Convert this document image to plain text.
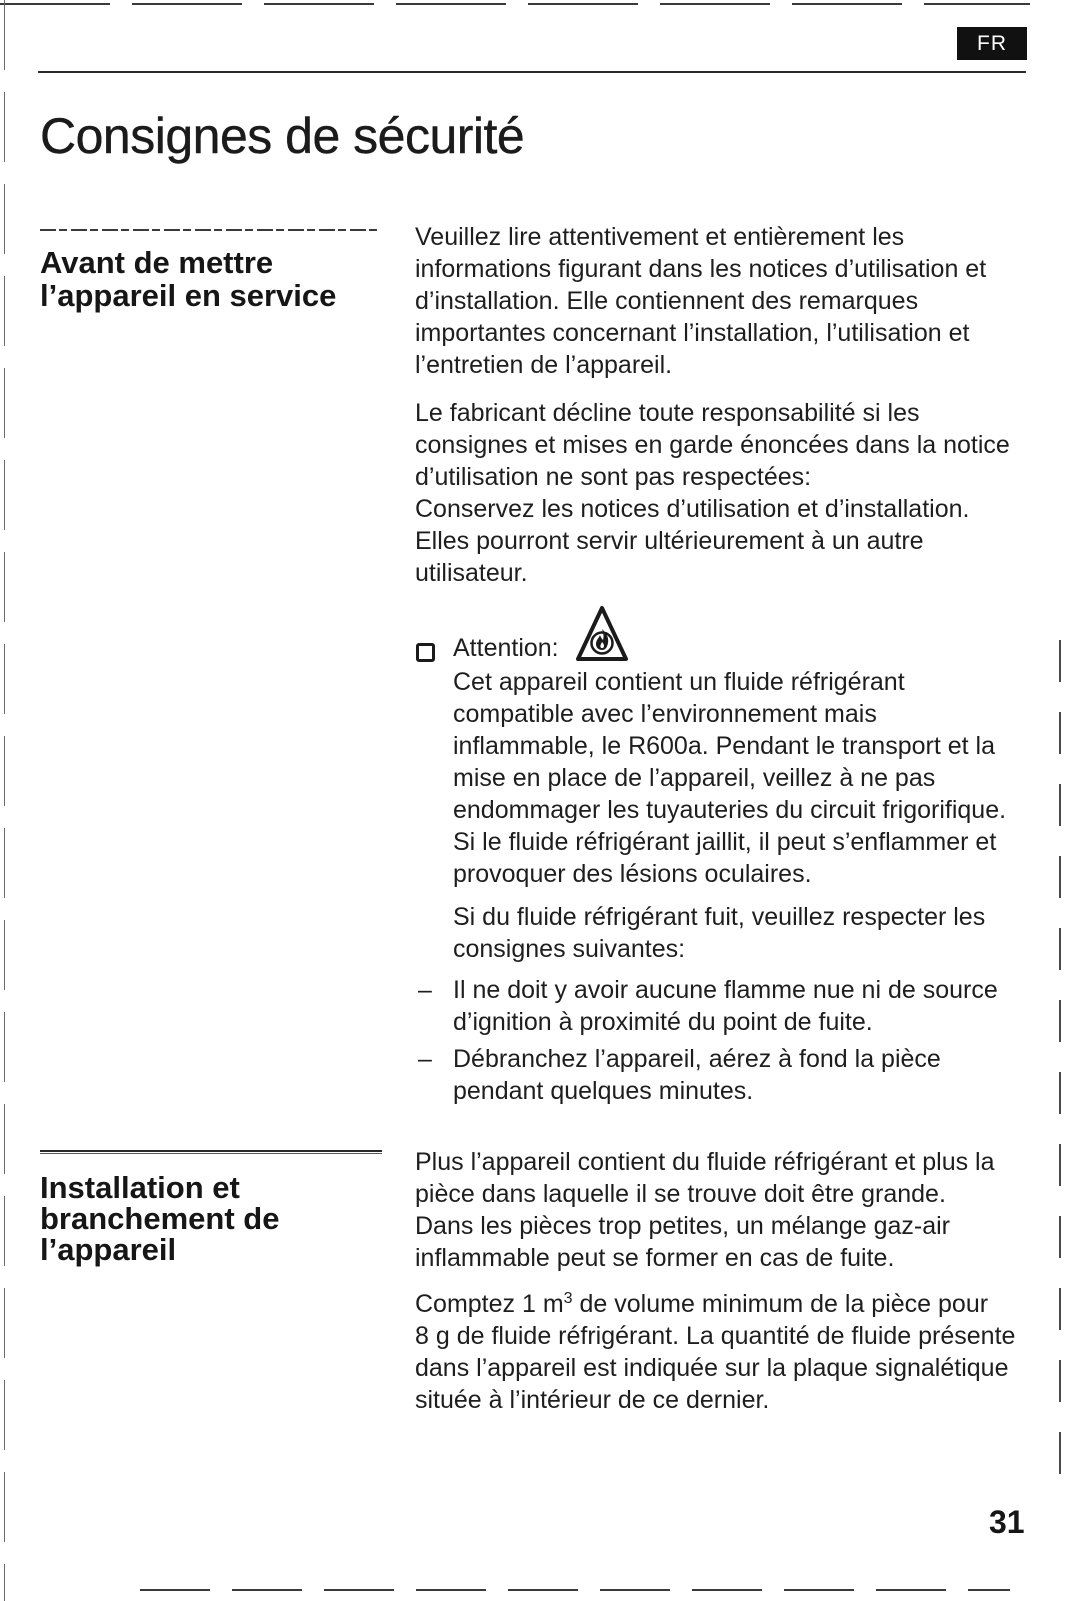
FR
Consignes de sécurité
Avant de mettre
l’appareil en service
Veuillez lire attentivement et entièrement les
informations figurant dans les notices d’utilisation et
d’installation. Elle contiennent des remarques
importantes concernant l’installation, l’utilisation et
l’entretien de l’appareil.
Le fabricant décline toute responsabilité si les
consignes et mises en garde énoncées dans la notice
d’utilisation ne sont pas respectées:
Conservez les notices d’utilisation et d’installation.
Elles pourront servir ultérieurement à un autre
utilisateur.
Attention:
Cet appareil contient un fluide réfrigérant
compatible avec l’environnement mais
inflammable, le R600a. Pendant le transport et la
mise en place de l’appareil, veillez à ne pas
endommager les tuyauteries du circuit frigorifique.
Si le fluide réfrigérant jaillit, il peut s’enflammer et
provoquer des lésions oculaires.
Si du fluide réfrigérant fuit, veuillez respecter les
consignes suivantes:
– Il ne doit y avoir aucune flamme nue ni de source
d’ignition à proximité du point de fuite.
– Débranchez l’appareil, aérez à fond la pièce
pendant quelques minutes.
Installation et
branchement de
l’appareil
Plus l’appareil contient du fluide réfrigérant et plus la
pièce dans laquelle il se trouve doit être grande.
Dans les pièces trop petites, un mélange gaz-air
inflammable peut se former en cas de fuite.
Comptez 1 $m^3$ de volume minimum de la pièce pour
8 g de fluide réfrigérant. La quantité de fluide présente
dans l’appareil est indiquée sur la plaque signalétique
située à l’intérieur de ce dernier.
31
